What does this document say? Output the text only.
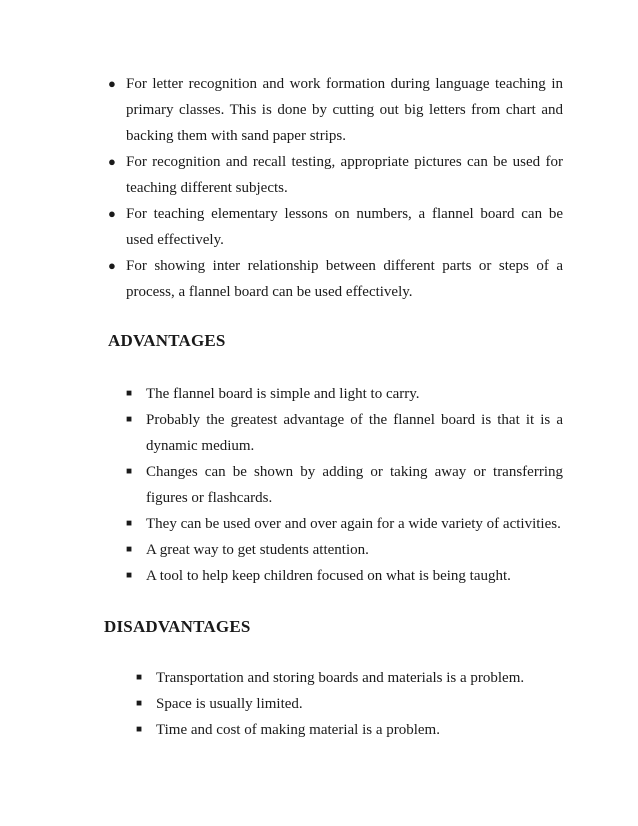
● For letter recognition and work formation during language teaching in primary classes. This is done by cutting out big letters from chart and backing them with sand paper strips.
● For recognition and recall testing, appropriate pictures can be used for teaching different subjects.
● For teaching elementary lessons on numbers, a flannel board can be used effectively.
● For showing inter relationship between different parts or steps of a process, a flannel board can be used effectively.
ADVANTAGES
■ The flannel board is simple and light to carry.
■ Probably the greatest advantage of the flannel board is that it is a dynamic medium.
■ Changes can be shown by adding or taking away or transferring figures or flashcards.
■ They can be used over and over again for a wide variety of activities.
■ A great way to get students attention.
■ A tool to help keep children focused on what is being taught.
DISADVANTAGES
■ Transportation and storing boards and materials is a problem.
■ Space is usually limited.
■ Time and cost of making material is a problem.
